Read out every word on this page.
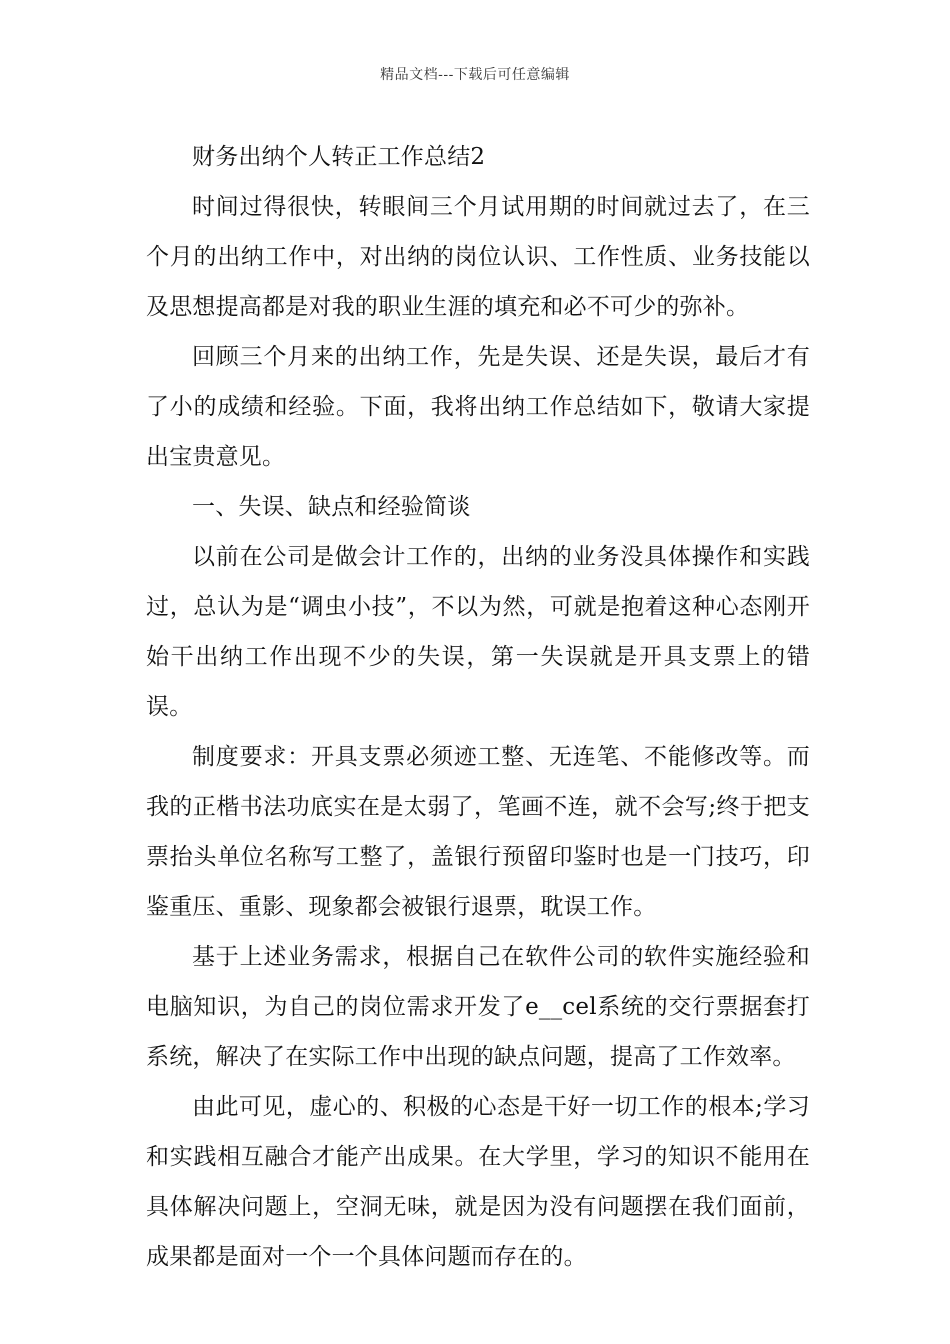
精品文档---下载后可任意编辑

财务出纳个人转正工作总结2

时间过得很快，转眼间三个月试用期的时间就过去了，在三个月的出纳工作中，对出纳的岗位认识、工作性质、业务技能以及思想提高都是对我的职业生涯的填充和必不可少的弥补。

回顾三个月来的出纳工作，先是失误、还是失误，最后才有了小的成绩和经验。下面，我将出纳工作总结如下，敬请大家提出宝贵意见。

一、失误、缺点和经验简谈

以前在公司是做会计工作的，出纳的业务没具体操作和实践过，总认为是“调虫小技”，不以为然，可就是抱着这种心态刚开始干出纳工作出现不少的失误，第一失误就是开具支票上的错误。

制度要求：开具支票必须迹工整、无连笔、不能修改等。而我的正楷书法功底实在是太弱了，笔画不连，就不会写;终于把支票抬头单位名称写工整了，盖银行预留印鉴时也是一门技巧，印鉴重压、重影、现象都会被银行退票，耽误工作。

基于上述业务需求，根据自己在软件公司的软件实施经验和电脑知识，为自己的岗位需求开发了e__cel系统的交行票据套打系统，解决了在实际工作中出现的缺点问题，提高了工作效率。

由此可见，虚心的、积极的心态是干好一切工作的根本;学习和实践相互融合才能产出成果。在大学里，学习的知识不能用在具体解决问题上，空洞无味，就是因为没有问题摆在我们面前，成果都是面对一个一个具体问题而存在的。
